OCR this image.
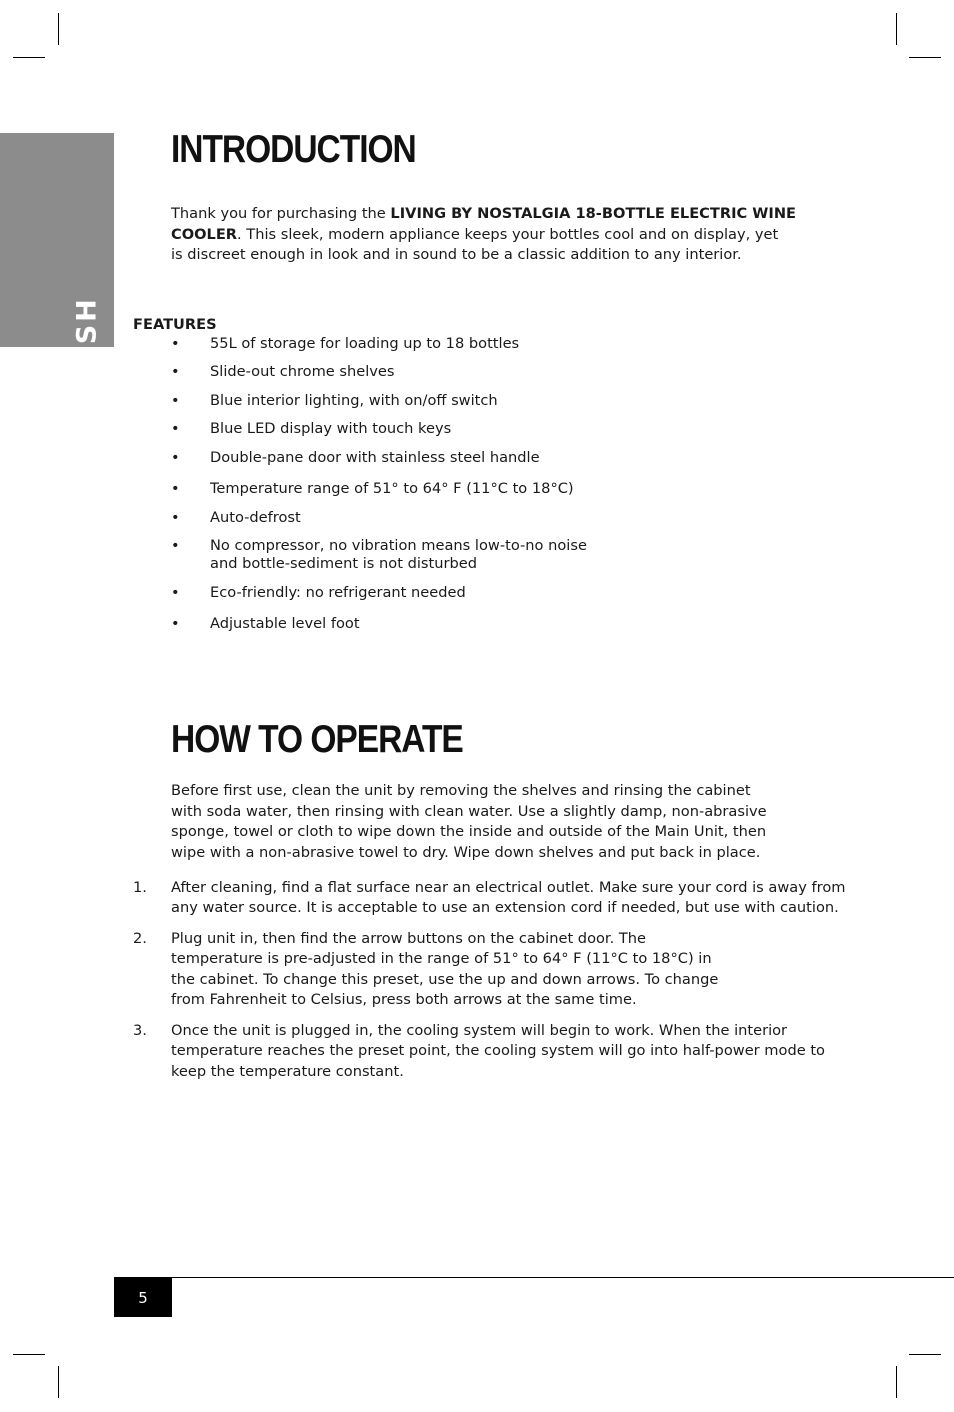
ENGLISH
INTRODUCTION

Thank you for purchasing the LIVING BY NOSTALGIA 18-BOTTLE ELECTRIC WINE
COOLER. This sleek, modern appliance keeps your bottles cool and on display, yet
is discreet enough in look and in sound to be a classic addition to any interior.

FEATURES
• 55L of storage for loading up to 18 bottles
• Slide-out chrome shelves
• Blue interior lighting, with on/off switch
• Blue LED display with touch keys
• Double-pane door with stainless steel handle
• Temperature range of 51° to 64° F (11°C to 18°C)
• Auto-defrost
• No compressor, no vibration means low-to-no noise
and bottle-sediment is not disturbed
• Eco-friendly: no refrigerant needed
• Adjustable level foot
HOW TO OPERATE

Before first use, clean the unit by removing the shelves and rinsing the cabinet
with soda water, then rinsing with clean water. Use a slightly damp, non-abrasive
sponge, towel or cloth to wipe down the inside and outside of the Main Unit, then
wipe with a non-abrasive towel to dry. Wipe down shelves and put back in place.

1. After cleaning, find a flat surface near an electrical outlet. Make sure your cord is away from
any water source. It is acceptable to use an extension cord if needed, but use with caution.
2. Plug unit in, then find the arrow buttons on the cabinet door. The
temperature is pre-adjusted in the range of 51° to 64° F (11°C to 18°C) in
the cabinet. To change this preset, use the up and down arrows. To change
from Fahrenheit to Celsius, press both arrows at the same time.
3. Once the unit is plugged in, the cooling system will begin to work. When the interior
temperature reaches the preset point, the cooling system will go into half-power mode to
keep the temperature constant.
5
